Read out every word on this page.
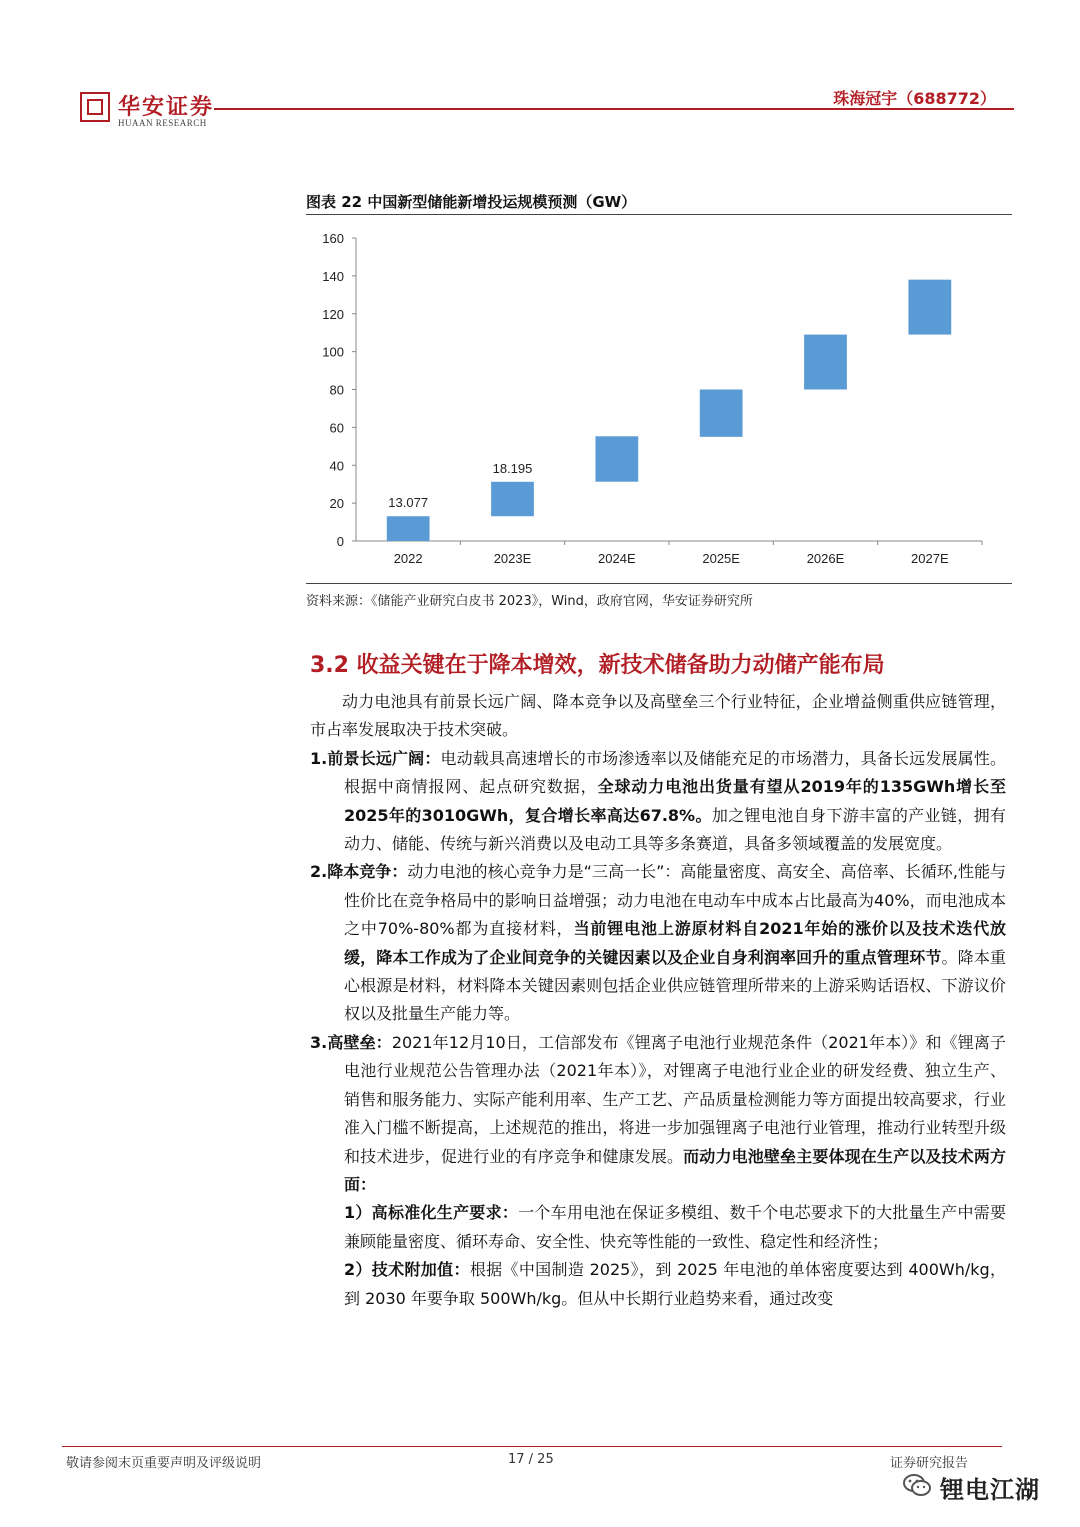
华安证券
HUAAN RESEARCH
珠海冠宇（688772）
图表 22 中国新型储能新增投运规模预测（GW）
0
20
40
60
80
100
120
140
160
2022
13.077
2023E
18.195
2024E	2025E	2026E	2027E
资料来源：《储能产业研究白皮书 2023》，Wind，政府官网，华安证券研究所
3.2 收益关键在于降本增效，新技术储备助力动储产能布局

动力电池具有前景长远广阔、降本竞争以及高壁垒三个行业特征，企业增益侧重供应链管理，市占率发展取决于技术突破。

1.前景长远广阔：电动载具高速增长的市场渗透率以及储能充足的市场潜力，具备长远发展属性。根据中商情报网、起点研究数据，全球动力电池出货量有望从2019年的135GWh增长至2025年的3010GWh，复合增长率高达67.8%。加之锂电池自身下游丰富的产业链，拥有动力、储能、传统与新兴消费以及电动工具等多条赛道，具备多领域覆盖的发展宽度。

2.降本竞争：动力电池的核心竞争力是“三高一长”：高能量密度、高安全、高倍率、长循环,性能与性价比在竞争格局中的影响日益增强；动力电池在电动车中成本占比最高为40%，而电池成本之中70%-80%都为直接材料，当前锂电池上游原材料自2021年始的涨价以及技术迭代放缓，降本工作成为了企业间竞争的关键因素以及企业自身利润率回升的重点管理环节。降本重心根源是材料，材料降本关键因素则包括企业供应链管理所带来的上游采购话语权、下游议价权以及批量生产能力等。

3.高壁垒：2021年12月10日，工信部发布《锂离子电池行业规范条件（2021年本）》和《锂离子电池行业规范公告管理办法（2021年本）》，对锂离子电池行业企业的研发经费、独立生产、销售和服务能力、实际产能利用率、生产工艺、产品质量检测能力等方面提出较高要求，行业准入门槛不断提高，上述规范的推出，将进一步加强锂离子电池行业管理，推动行业转型升级和技术进步，促进行业的有序竞争和健康发展。而动力电池壁垒主要体现在生产以及技术两方面：

1）高标准化生产要求：一个车用电池在保证多模组、数千个电芯要求下的大批量生产中需要兼顾能量密度、循环寿命、安全性、快充等性能的一致性、稳定性和经济性；

2）技术附加值：根据《中国制造 2025》，到 2025 年电池的单体密度要达到 400Wh/kg，到 2030 年要争取 500Wh/kg。但从中长期行业趋势来看，通过改变

敬请参阅末页重要声明及评级说明	17 / 25	证券研究报告
锂电江湖
